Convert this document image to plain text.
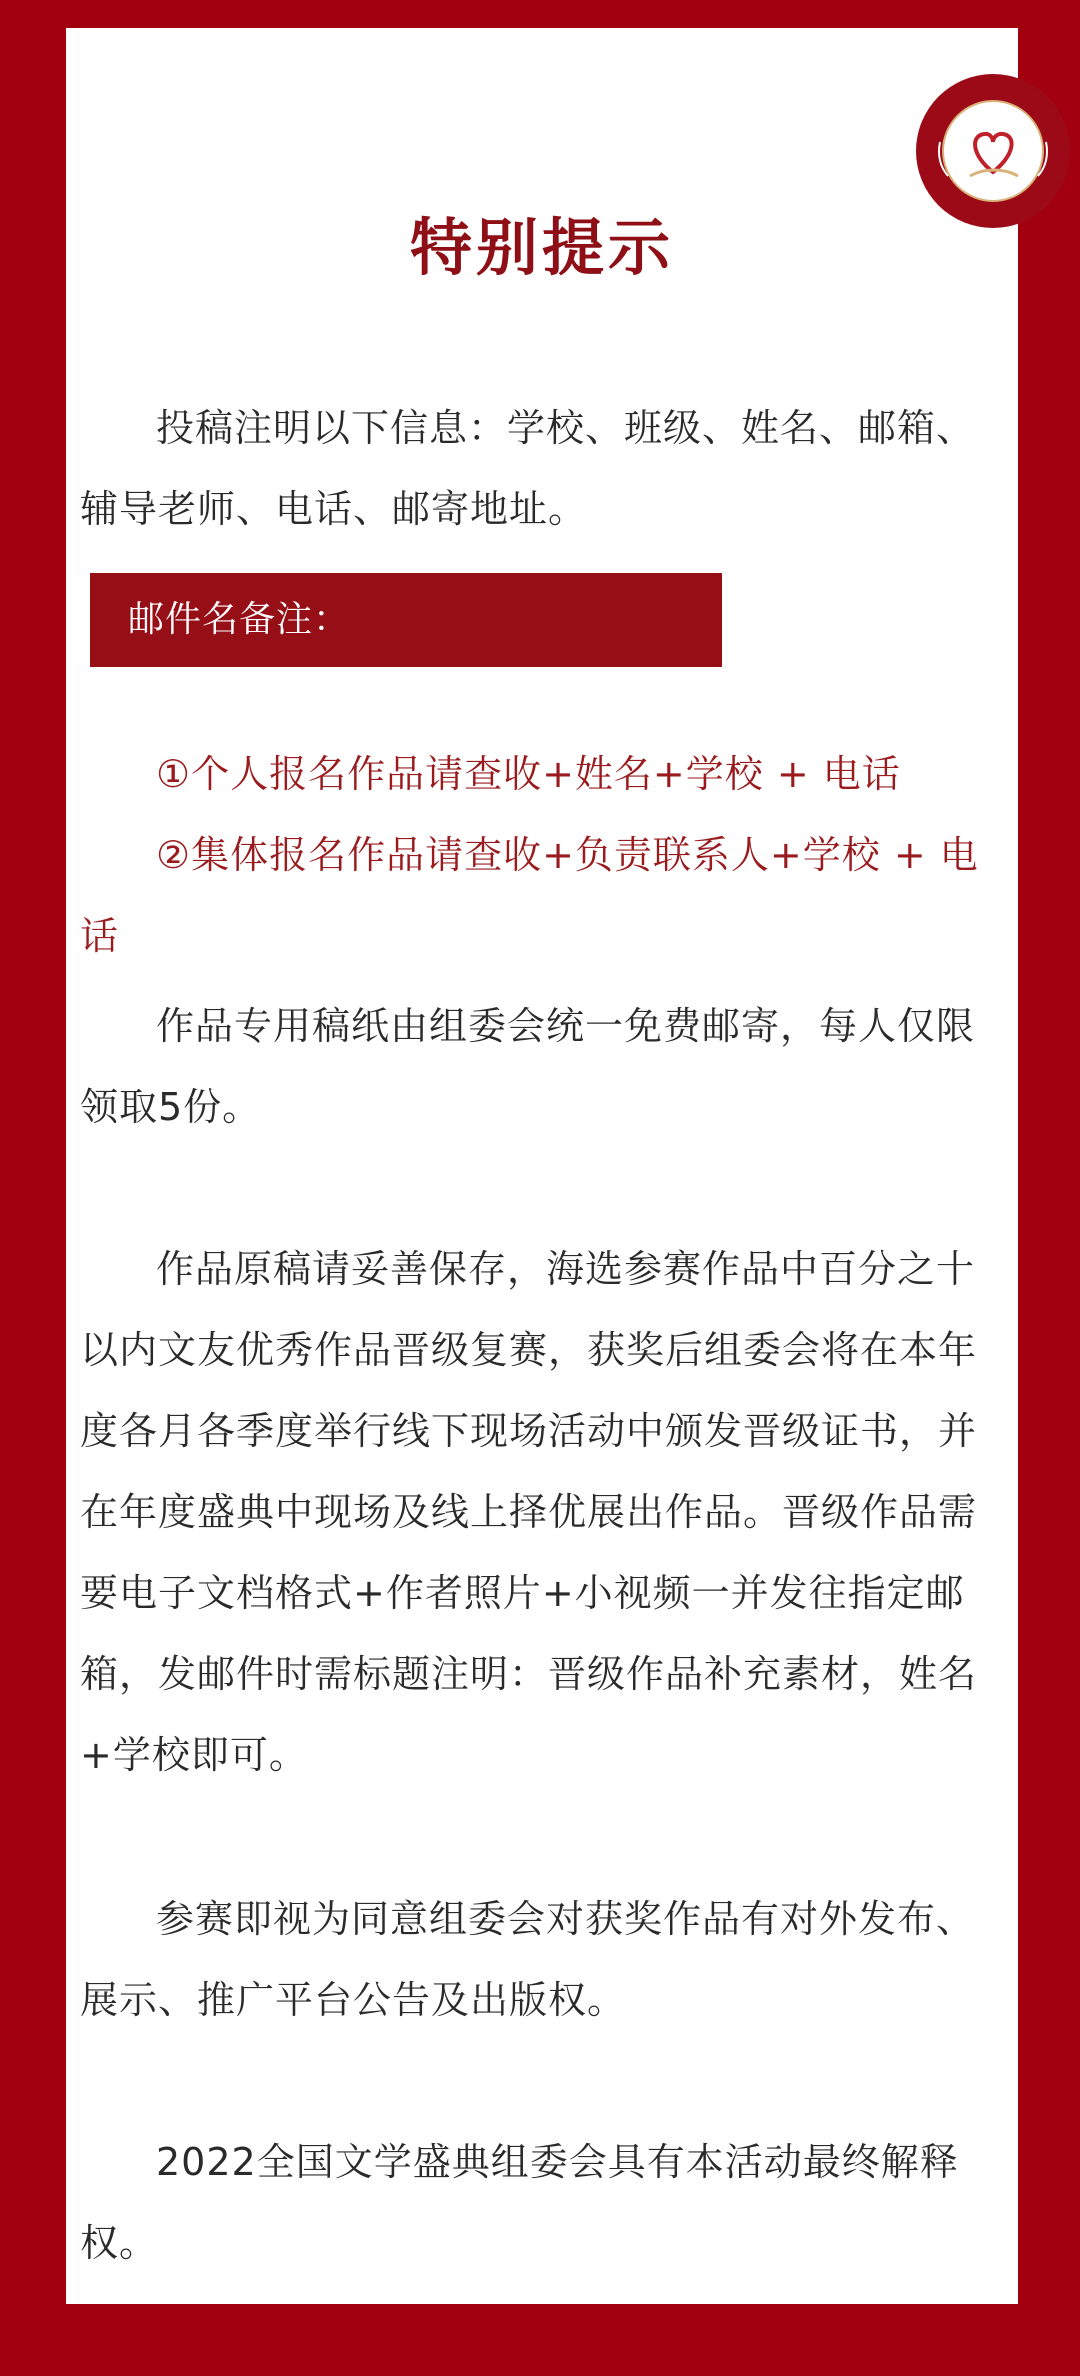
特别提示

投稿注明以下信息：学校、班级、姓名、邮箱、辅导老师、电话、邮寄地址。

邮件名备注：

①个人报名作品请查收+姓名+学校 + 电话

②集体报名作品请查收+负责联系人+学校 + 电话

作品专用稿纸由组委会统一免费邮寄，每人仅限领取5份。

作品原稿请妥善保存，海选参赛作品中百分之十以内文友优秀作品晋级复赛，获奖后组委会将在本年度各月各季度举行线下现场活动中颁发晋级证书，并在年度盛典中现场及线上择优展出作品。晋级作品需要电子文档格式+作者照片+小视频一并发往指定邮箱，发邮件时需标题注明：晋级作品补充素材，姓名+学校即可。

参赛即视为同意组委会对获奖作品有对外发布、展示、推广平台公告及出版权。

2022全国文学盛典组委会具有本活动最终解释权。
